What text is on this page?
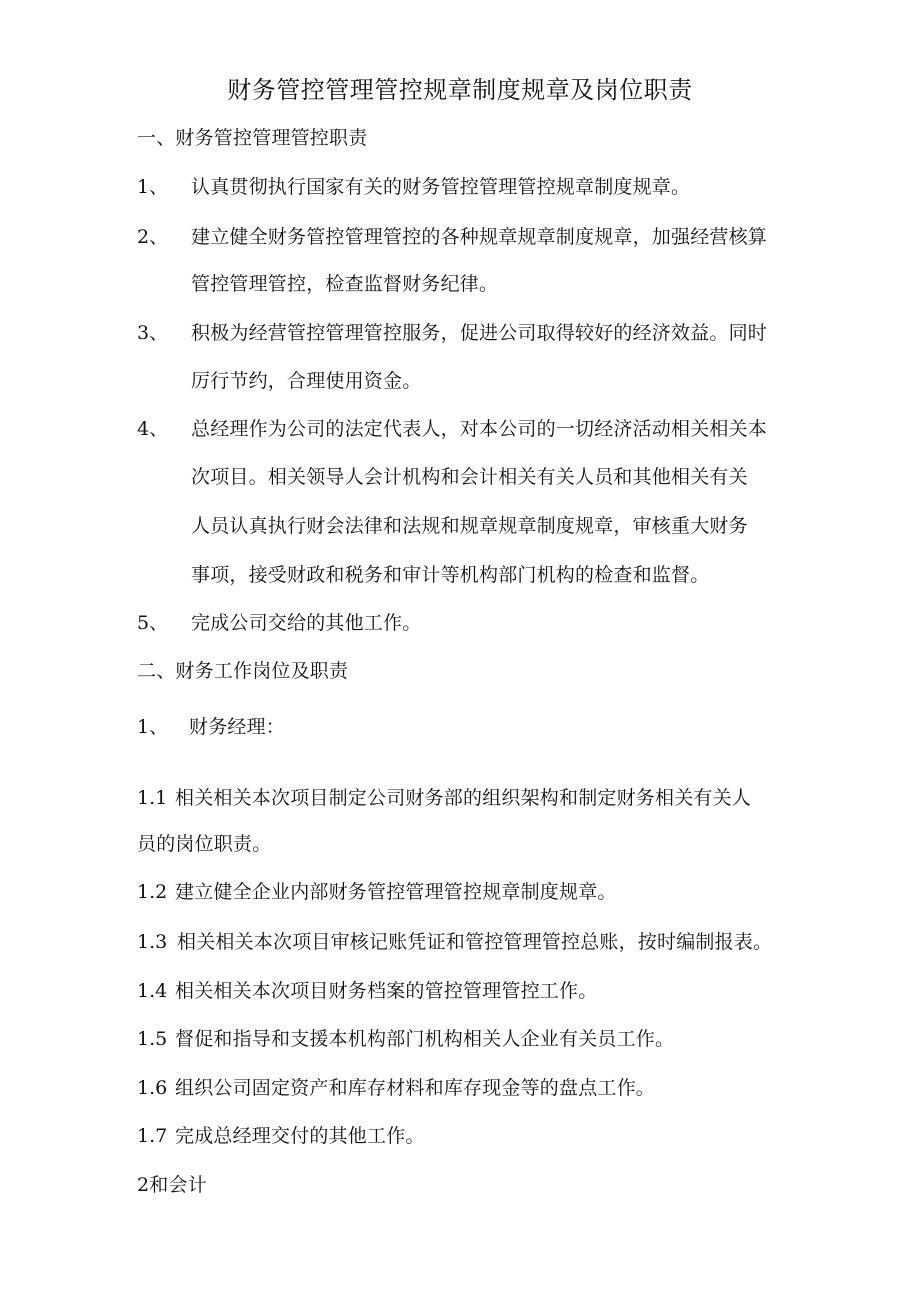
财务管控管理管控规章制度规章及岗位职责
一、财务管控管理管控职责
1、 认真贯彻执行国家有关的财务管控管理管控规章制度规章。
2、 建立健全财务管控管理管控的各种规章规章制度规章，加强经营核算
管控管理管控，检查监督财务纪律。
3、 积极为经营管控管理管控服务，促进公司取得较好的经济效益。同时
厉行节约，合理使用资金。
4、 总经理作为公司的法定代表人，对本公司的一切经济活动相关相关本
次项目。相关领导人会计机构和会计相关有关人员和其他相关有关
人员认真执行财会法律和法规和规章规章制度规章，审核重大财务
事项，接受财政和税务和审计等机构部门机构的检查和监督。
5、 完成公司交给的其他工作。
二、财务工作岗位及职责
1、 财务经理：
1.1 相关相关本次项目制定公司财务部的组织架构和制定财务相关有关人
员的岗位职责。
1.2 建立健全企业内部财务管控管理管控规章制度规章。
1.3 相关相关本次项目审核记账凭证和管控管理管控总账，按时编制报表。
1.4 相关相关本次项目财务档案的管控管理管控工作。
1.5 督促和指导和支援本机构部门机构相关人企业有关员工作。
1.6 组织公司固定资产和库存材料和库存现金等的盘点工作。
1.7 完成总经理交付的其他工作。
2和会计
